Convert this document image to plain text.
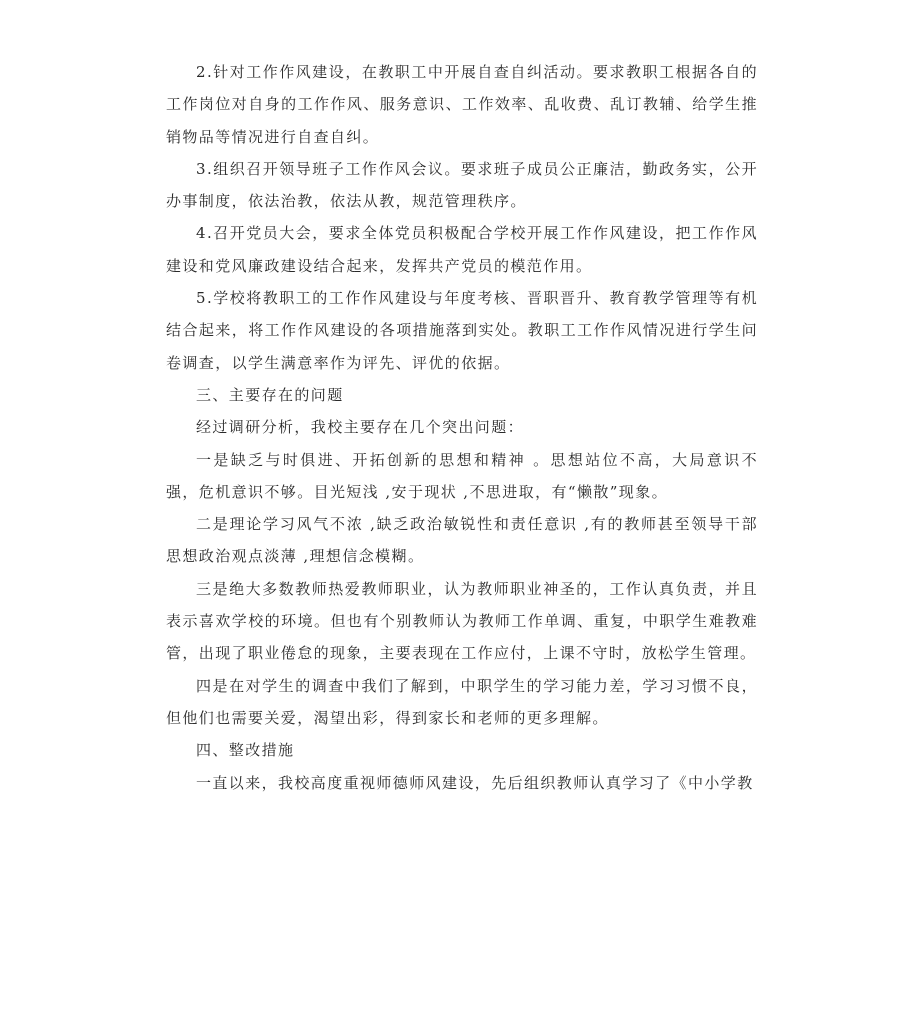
2.针对工作作风建设，在教职工中开展自查自纠活动。要求教职工根据各自的工作岗位对自身的工作作风、服务意识、工作效率、乱收费、乱订教辅、给学生推销物品等情况进行自查自纠。

3.组织召开领导班子工作作风会议。要求班子成员公正廉洁，勤政务实，公开办事制度，依法治教，依法从教，规范管理秩序。

4.召开党员大会，要求全体党员积极配合学校开展工作作风建设，把工作作风建设和党风廉政建设结合起来，发挥共产党员的模范作用。

5.学校将教职工的工作作风建设与年度考核、晋职晋升、教育教学管理等有机结合起来，将工作作风建设的各项措施落到实处。教职工工作作风情况进行学生问卷调查，以学生满意率作为评先、评优的依据。

三、主要存在的问题

经过调研分析，我校主要存在几个突出问题：

一是缺乏与时俱进、开拓创新的思想和精神 。思想站位不高，大局意识不强，危机意识不够。目光短浅 ,安于现状 ,不思进取，有“懒散”现象。

二是理论学习风气不浓 ,缺乏政治敏锐性和责任意识 ,有的教师甚至领导干部思想政治观点淡薄 ,理想信念模糊。

三是绝大多数教师热爱教师职业，认为教师职业神圣的，工作认真负责，并且表示喜欢学校的环境。但也有个别教师认为教师工作单调、重复，中职学生难教难管，出现了职业倦怠的现象，主要表现在工作应付，上课不守时，放松学生管理。

四是在对学生的调查中我们了解到，中职学生的学习能力差，学习习惯不良，但他们也需要关爱，渴望出彩，得到家长和老师的更多理解。

四、整改措施

一直以来，我校高度重视师德师风建设，先后组织教师认真学习了《中小学教
